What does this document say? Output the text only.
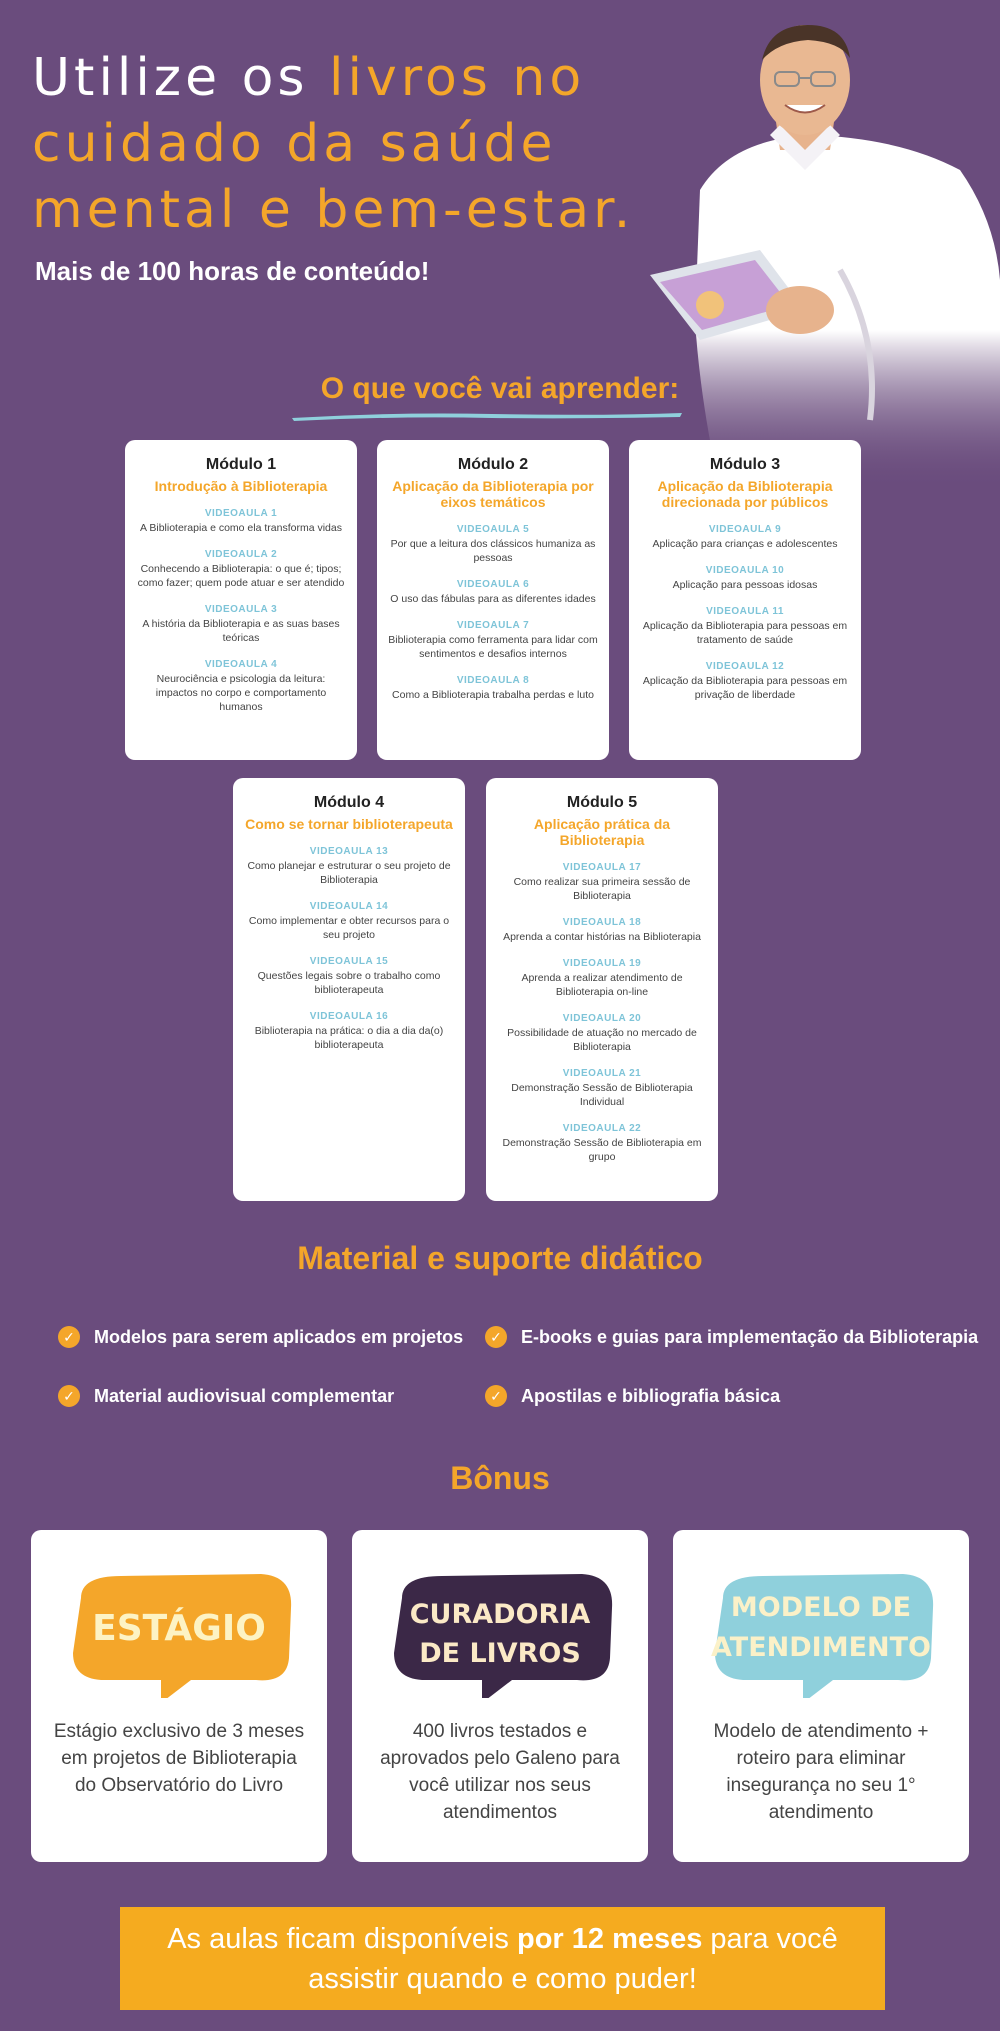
Utilize os livros no cuidado da saúde mental e bem-estar.
Mais de 100 horas de conteúdo!
O que você vai aprender:
Módulo 1
Introdução à Biblioterapia
VIDEOAULA 1
A Biblioterapia e como ela transforma vidas
VIDEOAULA 2
Conhecendo a Biblioterapia: o que é; tipos; como fazer; quem pode atuar e ser atendido
VIDEOAULA 3
A história da Biblioterapia e as suas bases teóricas
VIDEOAULA 4
Neurociência e psicologia da leitura: impactos no corpo e comportamento humanos
Módulo 2
Aplicação da Biblioterapia por eixos temáticos
VIDEOAULA 5
Por que a leitura dos clássicos humaniza as pessoas
VIDEOAULA 6
O uso das fábulas para as diferentes idades
VIDEOAULA 7
Biblioterapia como ferramenta para lidar com sentimentos e desafios internos
VIDEOAULA 8
Como a Biblioterapia trabalha perdas e luto
Módulo 3
Aplicação da Biblioterapia direcionada por públicos
VIDEOAULA 9
Aplicação para crianças e adolescentes
VIDEOAULA 10
Aplicação para pessoas idosas
VIDEOAULA 11
Aplicação da Biblioterapia para pessoas em tratamento de saúde
VIDEOAULA 12
Aplicação da Biblioterapia para pessoas em privação de liberdade
Módulo 4
Como se tornar biblioterapeuta
VIDEOAULA 13
Como planejar e estruturar o seu projeto de Biblioterapia
VIDEOAULA 14
Como implementar e obter recursos para o seu projeto
VIDEOAULA 15
Questões legais sobre o trabalho como biblioterapeuta
VIDEOAULA 16
Biblioterapia na prática: o dia a dia da(o) biblioterapeuta
Módulo 5
Aplicação prática da Biblioterapia
VIDEOAULA 17
Como realizar sua primeira sessão de Biblioterapia
VIDEOAULA 18
Aprenda a contar histórias na Biblioterapia
VIDEOAULA 19
Aprenda a realizar atendimento de Biblioterapia on-line
VIDEOAULA 20
Possibilidade de atuação no mercado de Biblioterapia
VIDEOAULA 21
Demonstração Sessão de Biblioterapia Individual
VIDEOAULA 22
Demonstração Sessão de Biblioterapia em grupo
Material e suporte didático
✓ Modelos para serem aplicados em projetos	✓ E-books e guias para implementação da Biblioterapia
✓ Material audiovisual complementar	✓ Apostilas e bibliografia básica
Bônus
ESTÁGIO
Estágio exclusivo de 3 meses em projetos de Biblioterapia do Observatório do Livro
CURADORIA
DE LIVROS
400 livros testados e aprovados pelo Galeno para você utilizar nos seus atendimentos
MODELO DE
ATENDIMENTO
Modelo de atendimento + roteiro para eliminar insegurança no seu 1° atendimento
As aulas ficam disponíveis por 12 meses para você assistir quando e como puder!
